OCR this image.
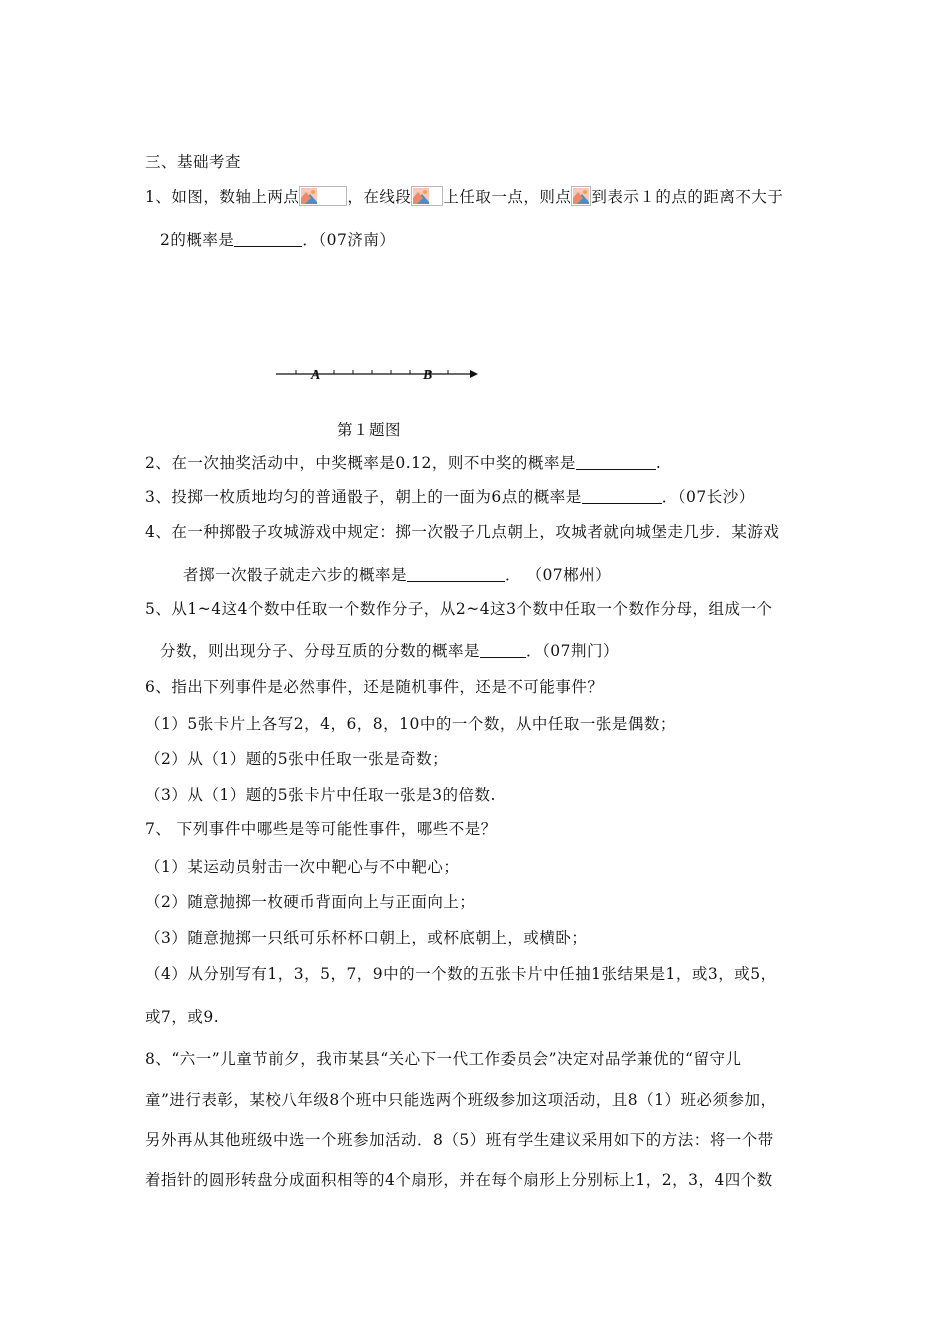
三、基础考查
1、如图，数轴上两点	，在线段 上任取一点，则点 到表示１的点的距离不大于
2的概率是	．（07济南）
A	B
第１题图
2、在一次抽奖活动中，中奖概率是0.12，则不中奖的概率是	.
3、投掷一枚质地均匀的普通骰子，朝上的一面为6点的概率是	．（07长沙）
4、在一种掷骰子攻城游戏中规定：掷一次骰子几点朝上，攻城者就向城堡走几步．某游戏
者掷一次骰子就走六步的概率是	． （07郴州）
5、从1~4这4个数中任取一个数作分子，从2~4这3个数中任取一个数作分母，组成一个
分数，则出现分子、分母互质的分数的概率是	．（07荆门）
6、指出下列事件是必然事件，还是随机事件，还是不可能事件？
（1）5张卡片上各写2，4，6，8，10中的一个数，从中任取一张是偶数；
（2）从（1）题的5张中任取一张是奇数；
（3）从（1）题的5张卡片中任取一张是3的倍数.
7、 下列事件中哪些是等可能性事件，哪些不是？
（1）某运动员射击一次中靶心与不中靶心；
（2）随意抛掷一枚硬币背面向上与正面向上；
（3）随意抛掷一只纸可乐杯杯口朝上，或杯底朝上，或横卧；
（4）从分别写有1，3，5，7，9中的一个数的五张卡片中任抽1张结果是1，或3，或5，
或7，或9.
8、“六一”儿童节前夕，我市某县“关心下一代工作委员会”决定对品学兼优的“留守儿
童”进行表彰，某校八年级8个班中只能选两个班级参加这项活动，且8（1）班必须参加，
另外再从其他班级中选一个班参加活动．8（5）班有学生建议采用如下的方法：将一个带
着指针的圆形转盘分成面积相等的4个扇形，并在每个扇形上分别标上1，2，3，4四个数
